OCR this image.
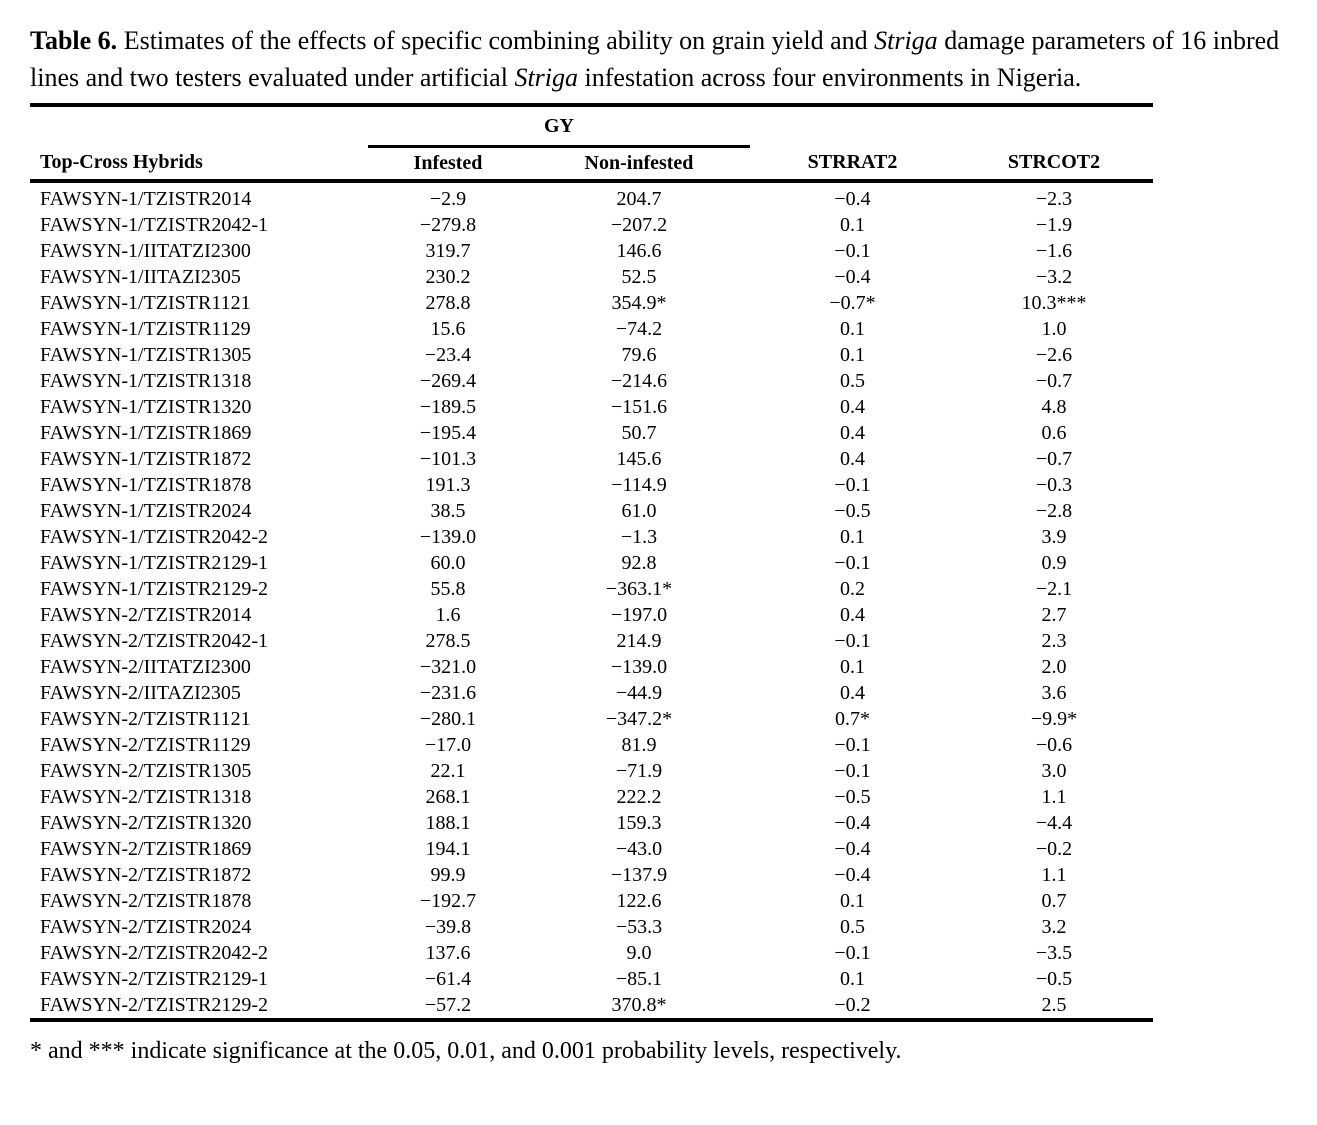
Table 6. Estimates of the effects of specific combining ability on grain yield and Striga damage parameters of 16 inbred lines and two testers evaluated under artificial Striga infestation across four environments in Nigeria.

	GY			
Top-Cross Hybrids	Infested	Non-infested	STRRAT2	STRCOT2
FAWSYN-1/TZISTR2014	−2.9	204.7	−0.4	−2.3
FAWSYN-1/TZISTR2042-1	−279.8	−207.2	0.1	−1.9
FAWSYN-1/IITATZI2300	319.7	146.6	−0.1	−1.6
FAWSYN-1/IITAZI2305	230.2	52.5	−0.4	−3.2
FAWSYN-1/TZISTR1121	278.8	354.9*	−0.7*	10.3***
FAWSYN-1/TZISTR1129	15.6	−74.2	0.1	1.0
FAWSYN-1/TZISTR1305	−23.4	79.6	0.1	−2.6
FAWSYN-1/TZISTR1318	−269.4	−214.6	0.5	−0.7
FAWSYN-1/TZISTR1320	−189.5	−151.6	0.4	4.8
FAWSYN-1/TZISTR1869	−195.4	50.7	0.4	0.6
FAWSYN-1/TZISTR1872	−101.3	145.6	0.4	−0.7
FAWSYN-1/TZISTR1878	191.3	−114.9	−0.1	−0.3
FAWSYN-1/TZISTR2024	38.5	61.0	−0.5	−2.8
FAWSYN-1/TZISTR2042-2	−139.0	−1.3	0.1	3.9
FAWSYN-1/TZISTR2129-1	60.0	92.8	−0.1	0.9
FAWSYN-1/TZISTR2129-2	55.8	−363.1*	0.2	−2.1
FAWSYN-2/TZISTR2014	1.6	−197.0	0.4	2.7
FAWSYN-2/TZISTR2042-1	278.5	214.9	−0.1	2.3
FAWSYN-2/IITATZI2300	−321.0	−139.0	0.1	2.0
FAWSYN-2/IITAZI2305	−231.6	−44.9	0.4	3.6
FAWSYN-2/TZISTR1121	−280.1	−347.2*	0.7*	−9.9*
FAWSYN-2/TZISTR1129	−17.0	81.9	−0.1	−0.6
FAWSYN-2/TZISTR1305	22.1	−71.9	−0.1	3.0
FAWSYN-2/TZISTR1318	268.1	222.2	−0.5	1.1
FAWSYN-2/TZISTR1320	188.1	159.3	−0.4	−4.4
FAWSYN-2/TZISTR1869	194.1	−43.0	−0.4	−0.2
FAWSYN-2/TZISTR1872	99.9	−137.9	−0.4	1.1
FAWSYN-2/TZISTR1878	−192.7	122.6	0.1	0.7
FAWSYN-2/TZISTR2024	−39.8	−53.3	0.5	3.2
FAWSYN-2/TZISTR2042-2	137.6	9.0	−0.1	−3.5
FAWSYN-2/TZISTR2129-1	−61.4	−85.1	0.1	−0.5
FAWSYN-2/TZISTR2129-2	−57.2	370.8*	−0.2	2.5

* and *** indicate significance at the 0.05, 0.01, and 0.001 probability levels, respectively.
